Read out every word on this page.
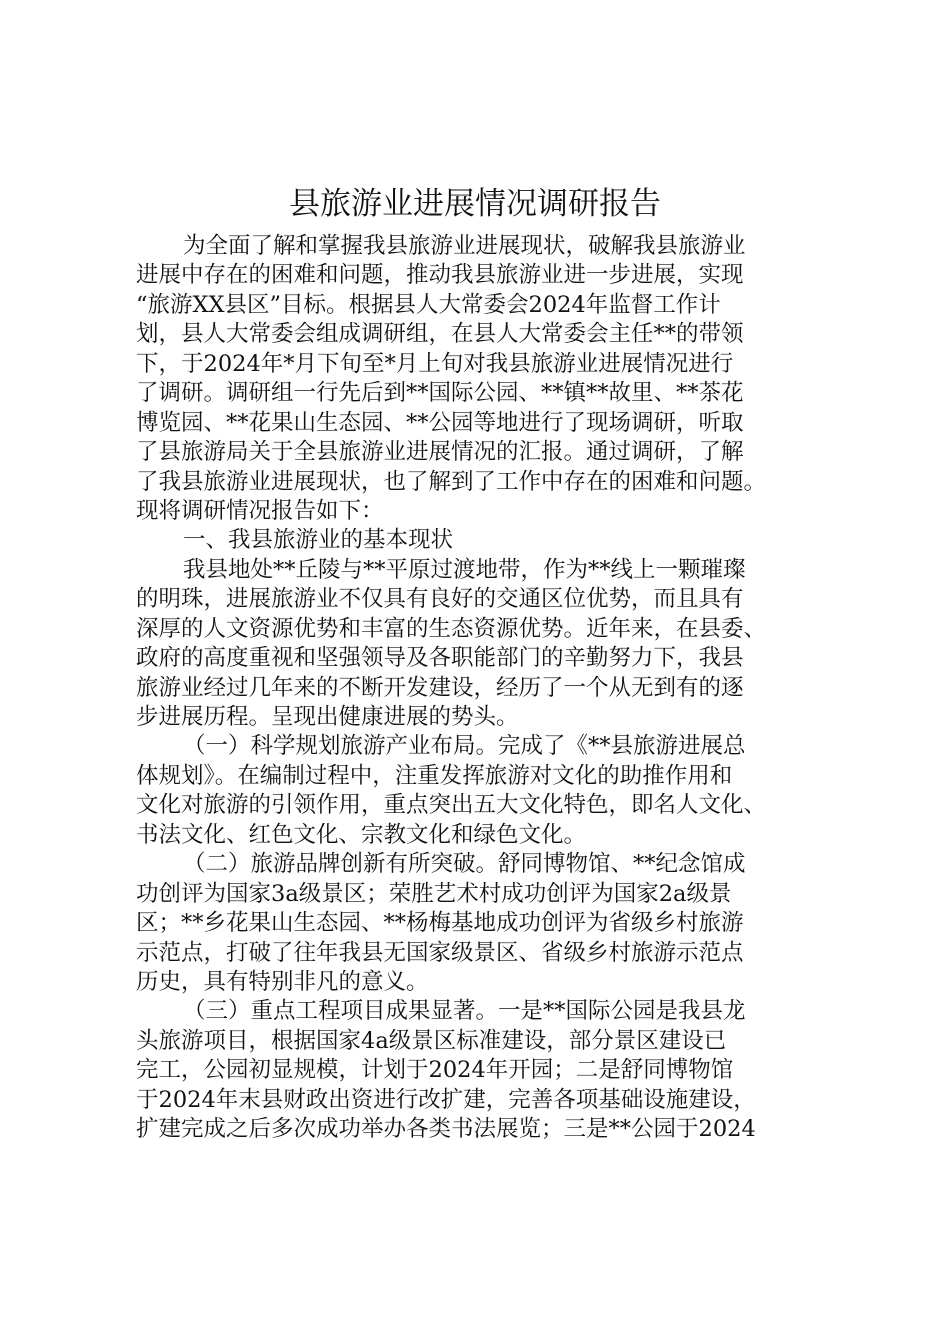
县旅游业进展情况调研报告
为全面了解和掌握我县旅游业进展现状，破解我县旅游业
进展中存在的困难和问题，推动我县旅游业进一步进展，实现
“旅游XX县区”目标。根据县人大常委会2024年监督工作计
划，县人大常委会组成调研组，在县人大常委会主任**的带领
下，于2024年*月下旬至*月上旬对我县旅游业进展情况进行
了调研。调研组一行先后到**国际公园、**镇**故里、**茶花
博览园、**花果山生态园、**公园等地进行了现场调研，听取
了县旅游局关于全县旅游业进展情况的汇报。通过调研，了解
了我县旅游业进展现状，也了解到了工作中存在的困难和问题。
现将调研情况报告如下：
一、我县旅游业的基本现状
我县地处**丘陵与**平原过渡地带，作为**线上一颗璀璨
的明珠，进展旅游业不仅具有良好的交通区位优势，而且具有
深厚的人文资源优势和丰富的生态资源优势。近年来，在县委、
政府的高度重视和坚强领导及各职能部门的辛勤努力下，我县
旅游业经过几年来的不断开发建设，经历了一个从无到有的逐
步进展历程。呈现出健康进展的势头。
（一）科学规划旅游产业布局。完成了《**县旅游进展总
体规划》。在编制过程中，注重发挥旅游对文化的助推作用和
文化对旅游的引领作用，重点突出五大文化特色，即名人文化、
书法文化、红色文化、宗教文化和绿色文化。
（二）旅游品牌创新有所突破。舒同博物馆、**纪念馆成
功创评为国家3a级景区；荣胜艺术村成功创评为国家2a级景
区；**乡花果山生态园、**杨梅基地成功创评为省级乡村旅游
示范点，打破了往年我县无国家级景区、省级乡村旅游示范点
历史，具有特别非凡的意义。
（三）重点工程项目成果显著。一是**国际公园是我县龙
头旅游项目，根据国家4a级景区标准建设，部分景区建设已
完工，公园初显规模，计划于2024年开园；二是舒同博物馆
于2024年末县财政出资进行改扩建，完善各项基础设施建设，
扩建完成之后多次成功举办各类书法展览；三是**公园于2024
